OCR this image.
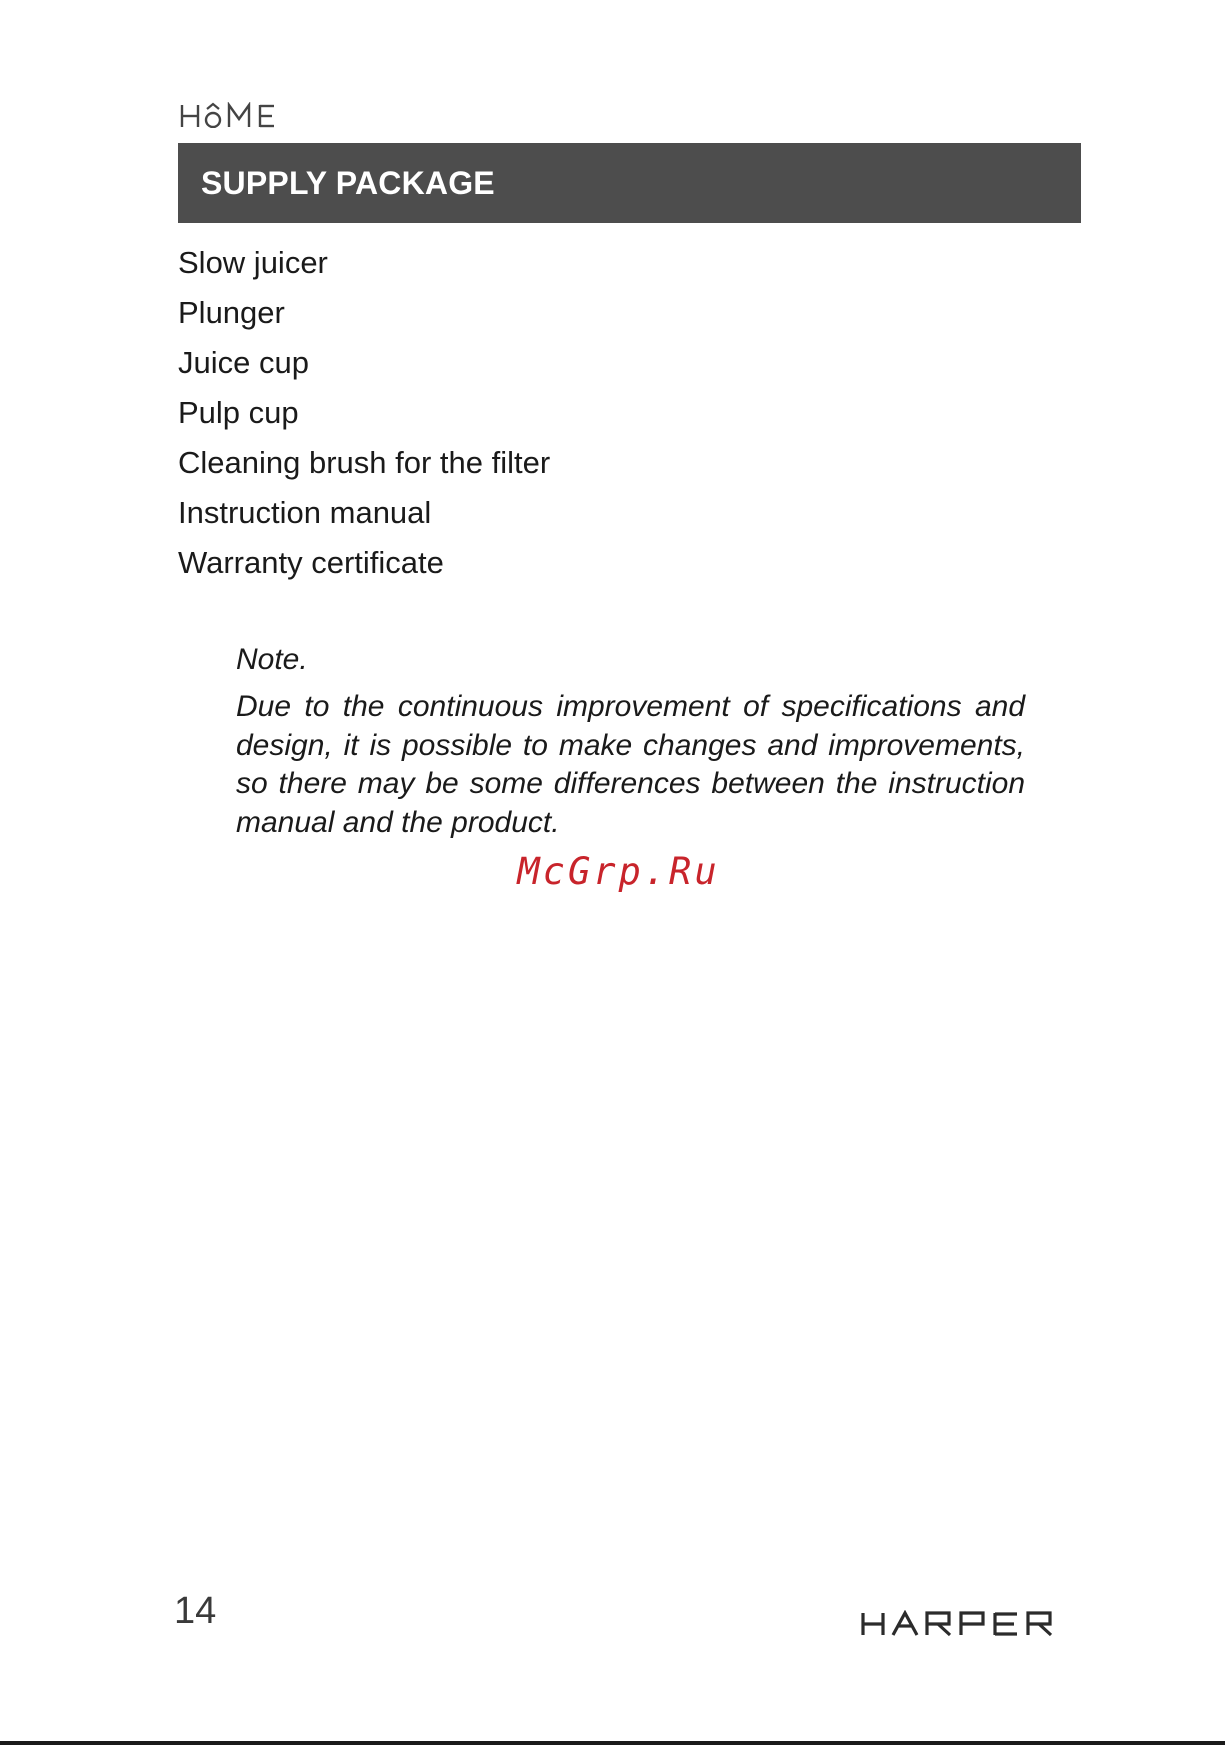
SUPPLY PACKAGE
Slow juicer
Plunger
Juice cup
Pulp cup
Cleaning brush for the filter
Instruction manual
Warranty certificate
Note.
Due to the continuous improvement of specifications and design, it is possible to make changes and improvements, so there may be some differences between the instruction manual and the product.
McGrp.Ru
14
